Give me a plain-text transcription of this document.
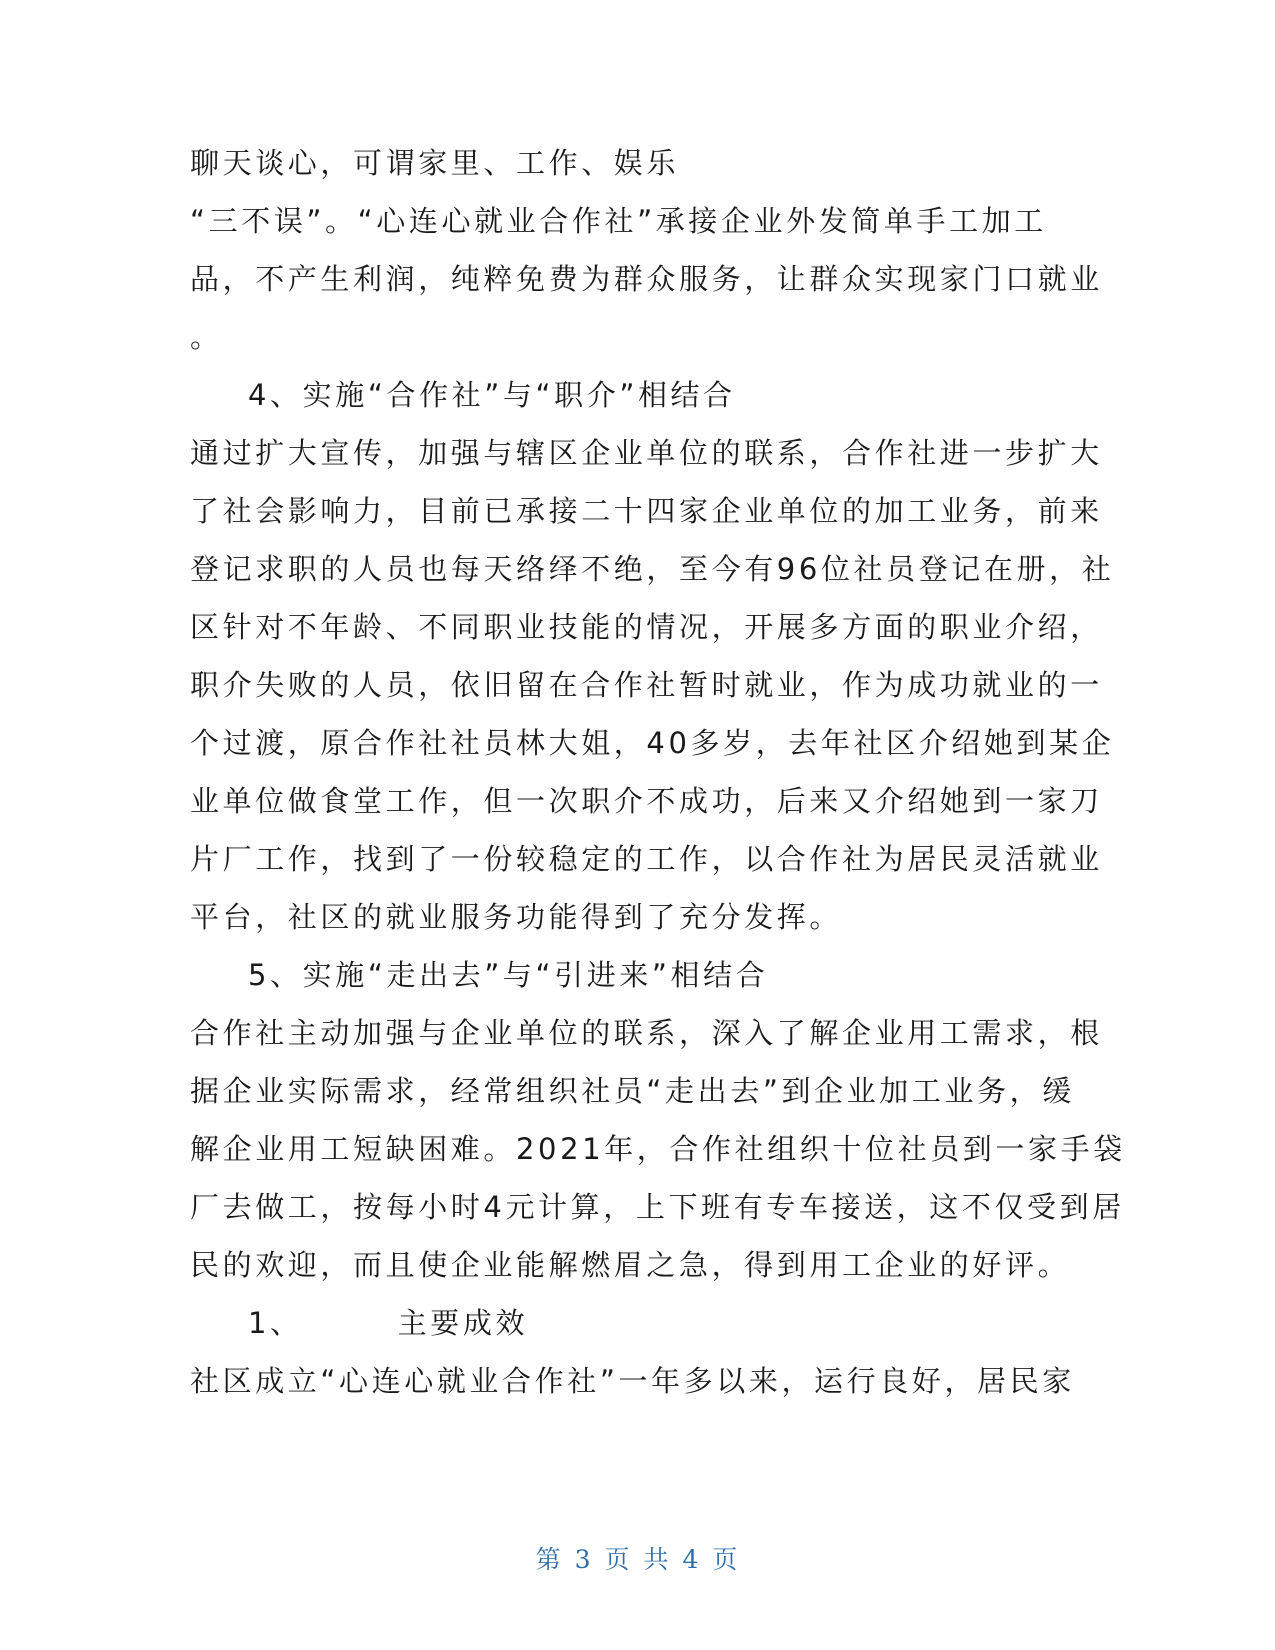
聊天谈心，可谓家里、工作、娱乐
“三不误”。“心连心就业合作社”承接企业外发简单手工加工
品，不产生利润，纯粹免费为群众服务，让群众实现家门口就业
。
4、实施“合作社”与“职介”相结合
通过扩大宣传，加强与辖区企业单位的联系，合作社进一步扩大
了社会影响力，目前已承接二十四家企业单位的加工业务，前来
登记求职的人员也每天络绎不绝，至今有96位社员登记在册，社
区针对不年龄、不同职业技能的情况，开展多方面的职业介绍，
职介失败的人员，依旧留在合作社暂时就业，作为成功就业的一
个过渡，原合作社社员林大姐，40多岁，去年社区介绍她到某企
业单位做食堂工作，但一次职介不成功，后来又介绍她到一家刀
片厂工作，找到了一份较稳定的工作，以合作社为居民灵活就业
平台，社区的就业服务功能得到了充分发挥。
5、实施“走出去”与“引进来”相结合
合作社主动加强与企业单位的联系，深入了解企业用工需求，根
据企业实际需求，经常组织社员“走出去”到企业加工业务，缓
解企业用工短缺困难。2021年，合作社组织十位社员到一家手袋
厂去做工，按每小时4元计算，上下班有专车接送，这不仅受到居
民的欢迎，而且使企业能解燃眉之急，得到用工企业的好评。
1、	主要成效
社区成立“心连心就业合作社”一年多以来，运行良好，居民家
第 3 页 共 4 页
